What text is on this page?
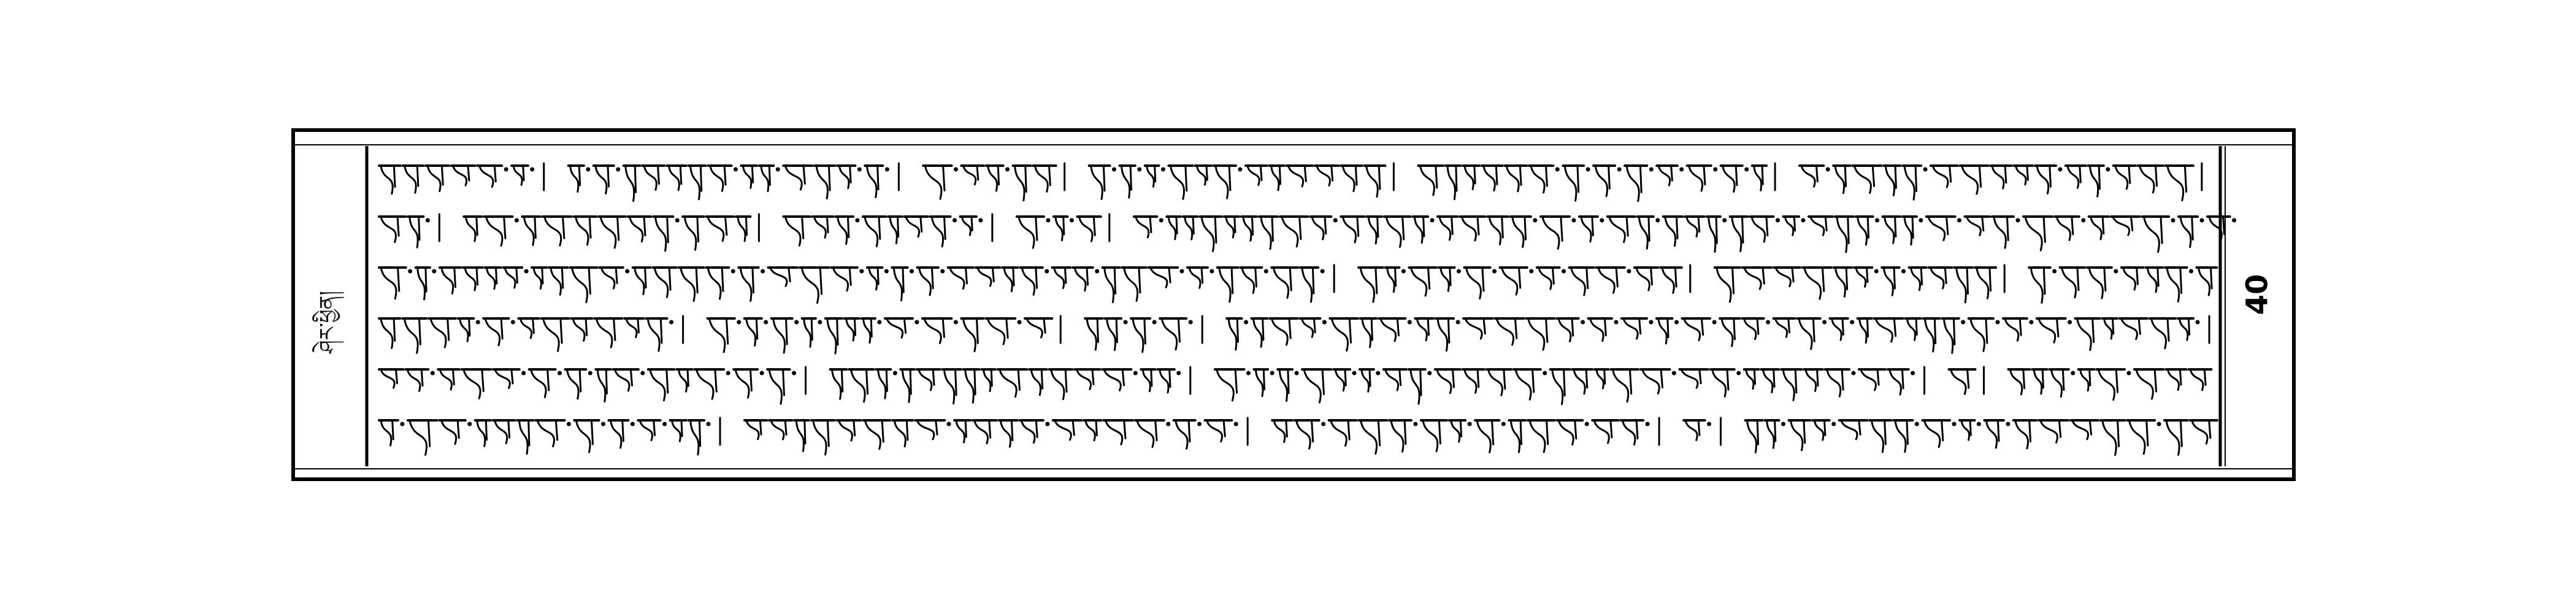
ཤེར་ཕྱིན།	40
